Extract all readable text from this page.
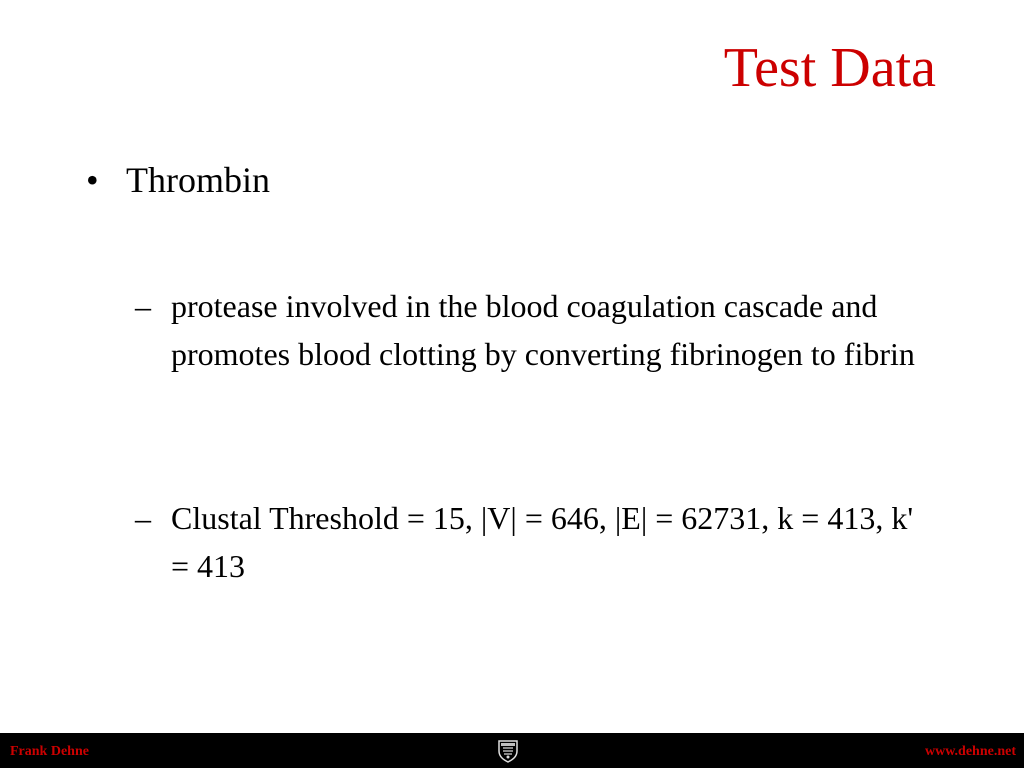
Test Data
• Thrombin
– protease involved in the blood coagulation cascade and promotes blood clotting by converting fibrinogen to fibrin
– Clustal Threshold = 15, |V| = 646, |E| = 62731, k = 413, k' = 413
Frank Dehne	www.dehne.net
